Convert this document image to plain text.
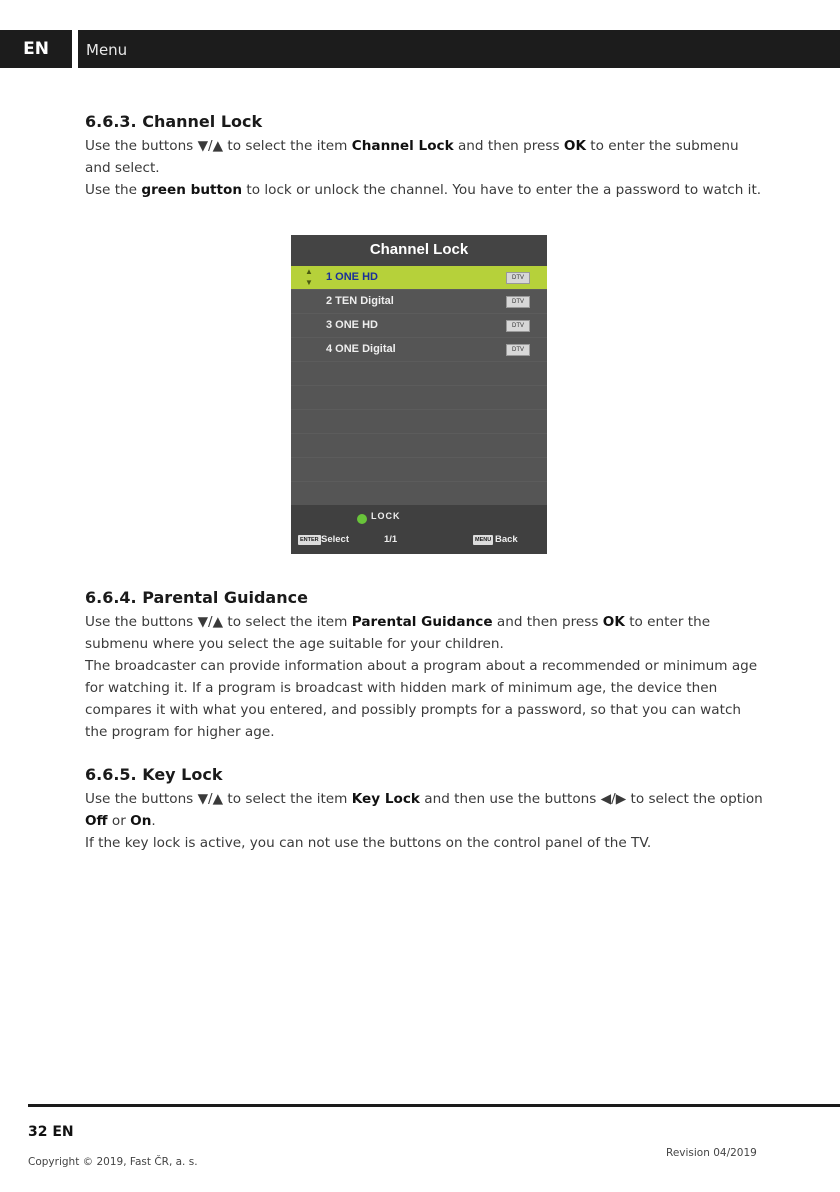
EN	Menu
6.6.3. Channel Lock

Use the buttons ▼/▲ to select the item Channel Lock and then press OK to enter the submenu and select.

Use the green button to lock or unlock the channel. You have to enter the a password to watch it.

Channel Lock
▲
▼ 1 ONE HD	DTV
2 TEN Digital	DTV
3 ONE HD	DTV
4 ONE Digital	DTV
LOCK
ENTER Select	1/1	MENU Back
6.6.4. Parental Guidance

Use the buttons ▼/▲ to select the item Parental Guidance and then press OK to enter the submenu where you select the age suitable for your children.

The broadcaster can provide information about a program about a recommended or minimum age for watching it. If a program is broadcast with hidden mark of minimum age, the device then compares it with what you entered, and possibly prompts for a password, so that you can watch the program for higher age.

6.6.5. Key Lock

Use the buttons ▼/▲ to select the item Key Lock and then use the buttons ◀/▶ to select the option Off or On.

If the key lock is active, you can not use the buttons on the control panel of the TV.

32 EN
Copyright © 2019, Fast ČR, a. s.
Revision 04/2019
